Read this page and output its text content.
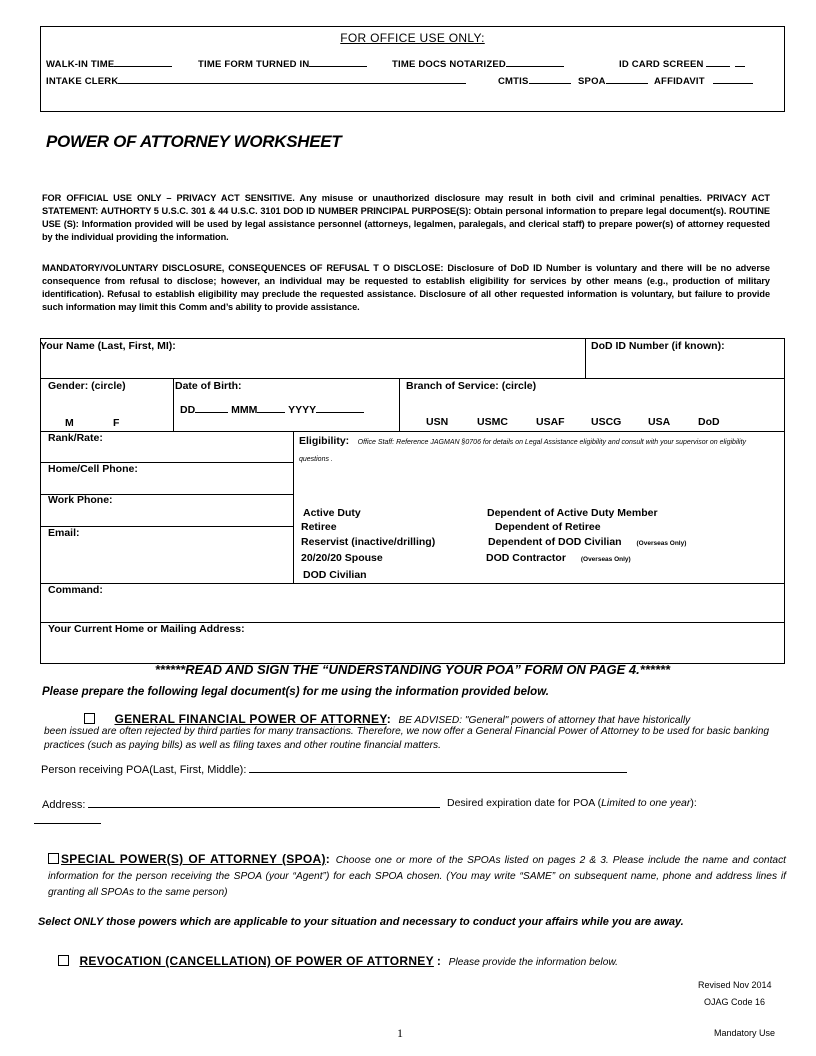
FOR OFFICE USE ONLY:
WALK-IN TIME	TIME FORM TURNED IN	TIME DOCS NOTARIZED	ID CARD SCREEN
INTAKE CLERK	CMTIS	SPOA	AFFIDAVIT
POWER OF ATTORNEY WORKSHEET
FOR OFFICIAL USE ONLY – PRIVACY ACT SENSITIVE. Any misuse or unauthorized disclosure may result in both civil and criminal penalties. PRIVACY ACT STATEMENT: AUTHORTY 5 U.S.C. 301 & 44 U.S.C. 3101 DOD ID NUMBER PRINCIPAL PURPOSE(S): Obtain personal information to prepare legal document(s). ROUTINE USE (S): Information provided will be used by legal assistance personnel (attorneys, legalmen, paralegals, and clerical staff) to prepare power(s) of attorney requested by the individual providing the information.
MANDATORY/VOLUNTARY DISCLOSURE, CONSEQUENCES OF REFUSAL T O DISCLOSE: Disclosure of DoD ID Number is voluntary and there will be no adverse consequence from refusal to disclose; however, an individual may be requested to establish eligibility for services by other means (e.g., production of military identification). Refusal to establish eligibility may preclude the requested assistance. Disclosure of all other requested information is voluntary, but failure to provide such information may limit this Comm and’s ability to provide assistance.
Your Name (Last, First, MI):	DoD ID Number (if known):
Gender: (circle)
M	F
Date of Birth:
DD	MMM	YYYY
Branch of Service: (circle)
USN	USMC	USAF	USCG	USA	DoD
Rank/Rate:
Home/Cell Phone:
Work Phone:
Email:
Eligibility: Office Staff: Reference JAGMAN §0706 for details on Legal Assistance eligibility and consult with your supervisor on eligibility questions .
Active Duty
Retiree
Reservist (inactive/drilling)
20/20/20 Spouse
DOD Civilian
Dependent of Active Duty Member
Dependent of Retiree
Dependent of DOD Civilian (Overseas Only)
DOD Contractor (Overseas Only)
Command:
Your Current Home or Mailing Address:
******READ AND SIGN THE “UNDERSTANDING YOUR POA” FORM ON PAGE 4.******
Please prepare the following legal document(s) for me using the information provided below.
GENERAL FINANCIAL POWER OF ATTORNEY: BE ADVISED: "General" powers of attorney that have historically
been issued are often rejected by third parties for many transactions. Therefore, we now offer a General Financial Power of Attorney to be used for basic banking practices (such as paying bills) as well as filing taxes and other routine financial matters.
Person receiving POA(Last, First, Middle):
Address:	Desired expiration date for POA (Limited to one year):
SPECIAL POWER(S) OF ATTORNEY (SPOA): Choose one or more of the SPOAs listed on pages 2 & 3. Please include the name and contact information for the person receiving the SPOA (your “Agent”) for each SPOA chosen. (You may write “SAME” on subsequent name, phone and address lines if granting all SPOAs to the same person)
Select ONLY those powers which are applicable to your situation and necessary to conduct your affairs while you are away.
REVOCATION (CANCELLATION) OF POWER OF ATTORNEY : Please provide the information below.
Revised Nov 2014
OJAG Code 16
1	Mandatory Use
